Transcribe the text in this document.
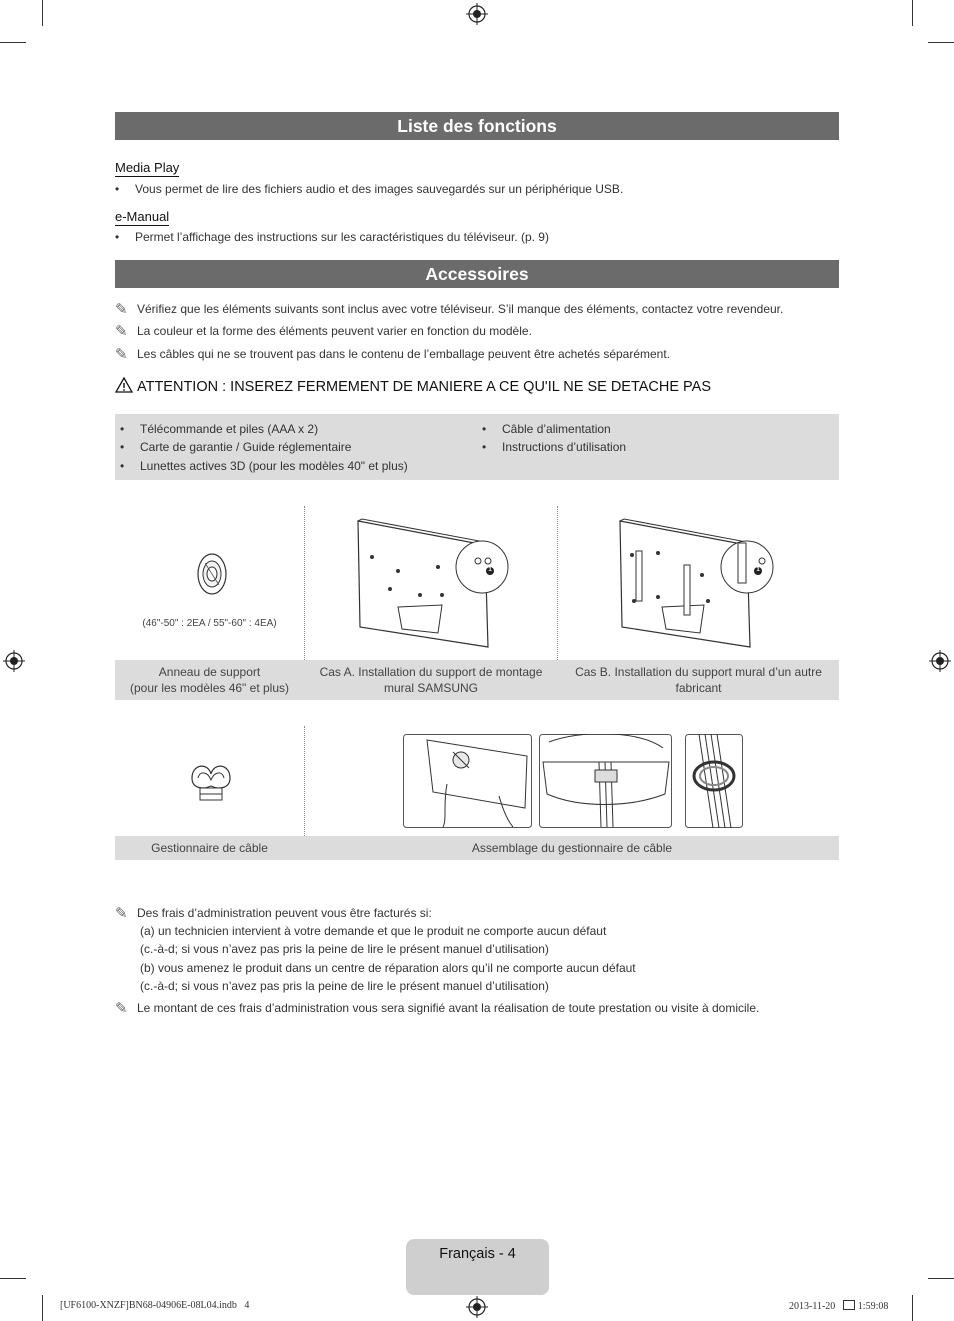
Liste des fonctions
Media Play
• Vous permet de lire des fichiers audio et des images sauvegardés sur un périphérique USB.
e-Manual
• Permet l’affichage des instructions sur les caractéristiques du téléviseur. (p. 9)
Accessoires
✎ Vérifiez que les éléments suivants sont inclus avec votre téléviseur. S’il manque des éléments, contactez votre revendeur.
✎ La couleur et la forme des éléments peuvent varier en fonction du modèle.
✎ Les câbles qui ne se trouvent pas dans le contenu de l’emballage peuvent être achetés séparément.
ATTENTION : INSEREZ FERMEMENT DE MANIERE A CE QU'IL NE SE DETACHE PAS
• Télécommande et piles (AAA x 2)
• Carte de garantie / Guide réglementaire
• Lunettes actives 3D (pour les modèles 40" et plus)
• Câble d’alimentation
• Instructions d’utilisation
(46"-50" : 2EA / 55"-60" : 4EA)
Anneau de support
(pour les modèles 46" et plus)
Cas A. Installation du support de montage
mural SAMSUNG
Cas B. Installation du support mural d’un autre
fabricant
Gestionnaire de câble	Assemblage du gestionnaire de câble
✎ Des frais d’administration peuvent vous être facturés si:
(a) un technicien intervient à votre demande et que le produit ne comporte aucun défaut
(c.-à-d; si vous n’avez pas pris la peine de lire le présent manuel d’utilisation)
(b) vous amenez le produit dans un centre de réparation alors qu’il ne comporte aucun défaut
(c.-à-d; si vous n’avez pas pris la peine de lire le présent manuel d’utilisation)
✎ Le montant de ces frais d’administration vous sera signifié avant la réalisation de toute prestation ou visite à domicile.
Français - 4
[UF6100-XNZF]BN68-04906E-08L04.indb   4	2013-11-20   1:59:08
1	1
